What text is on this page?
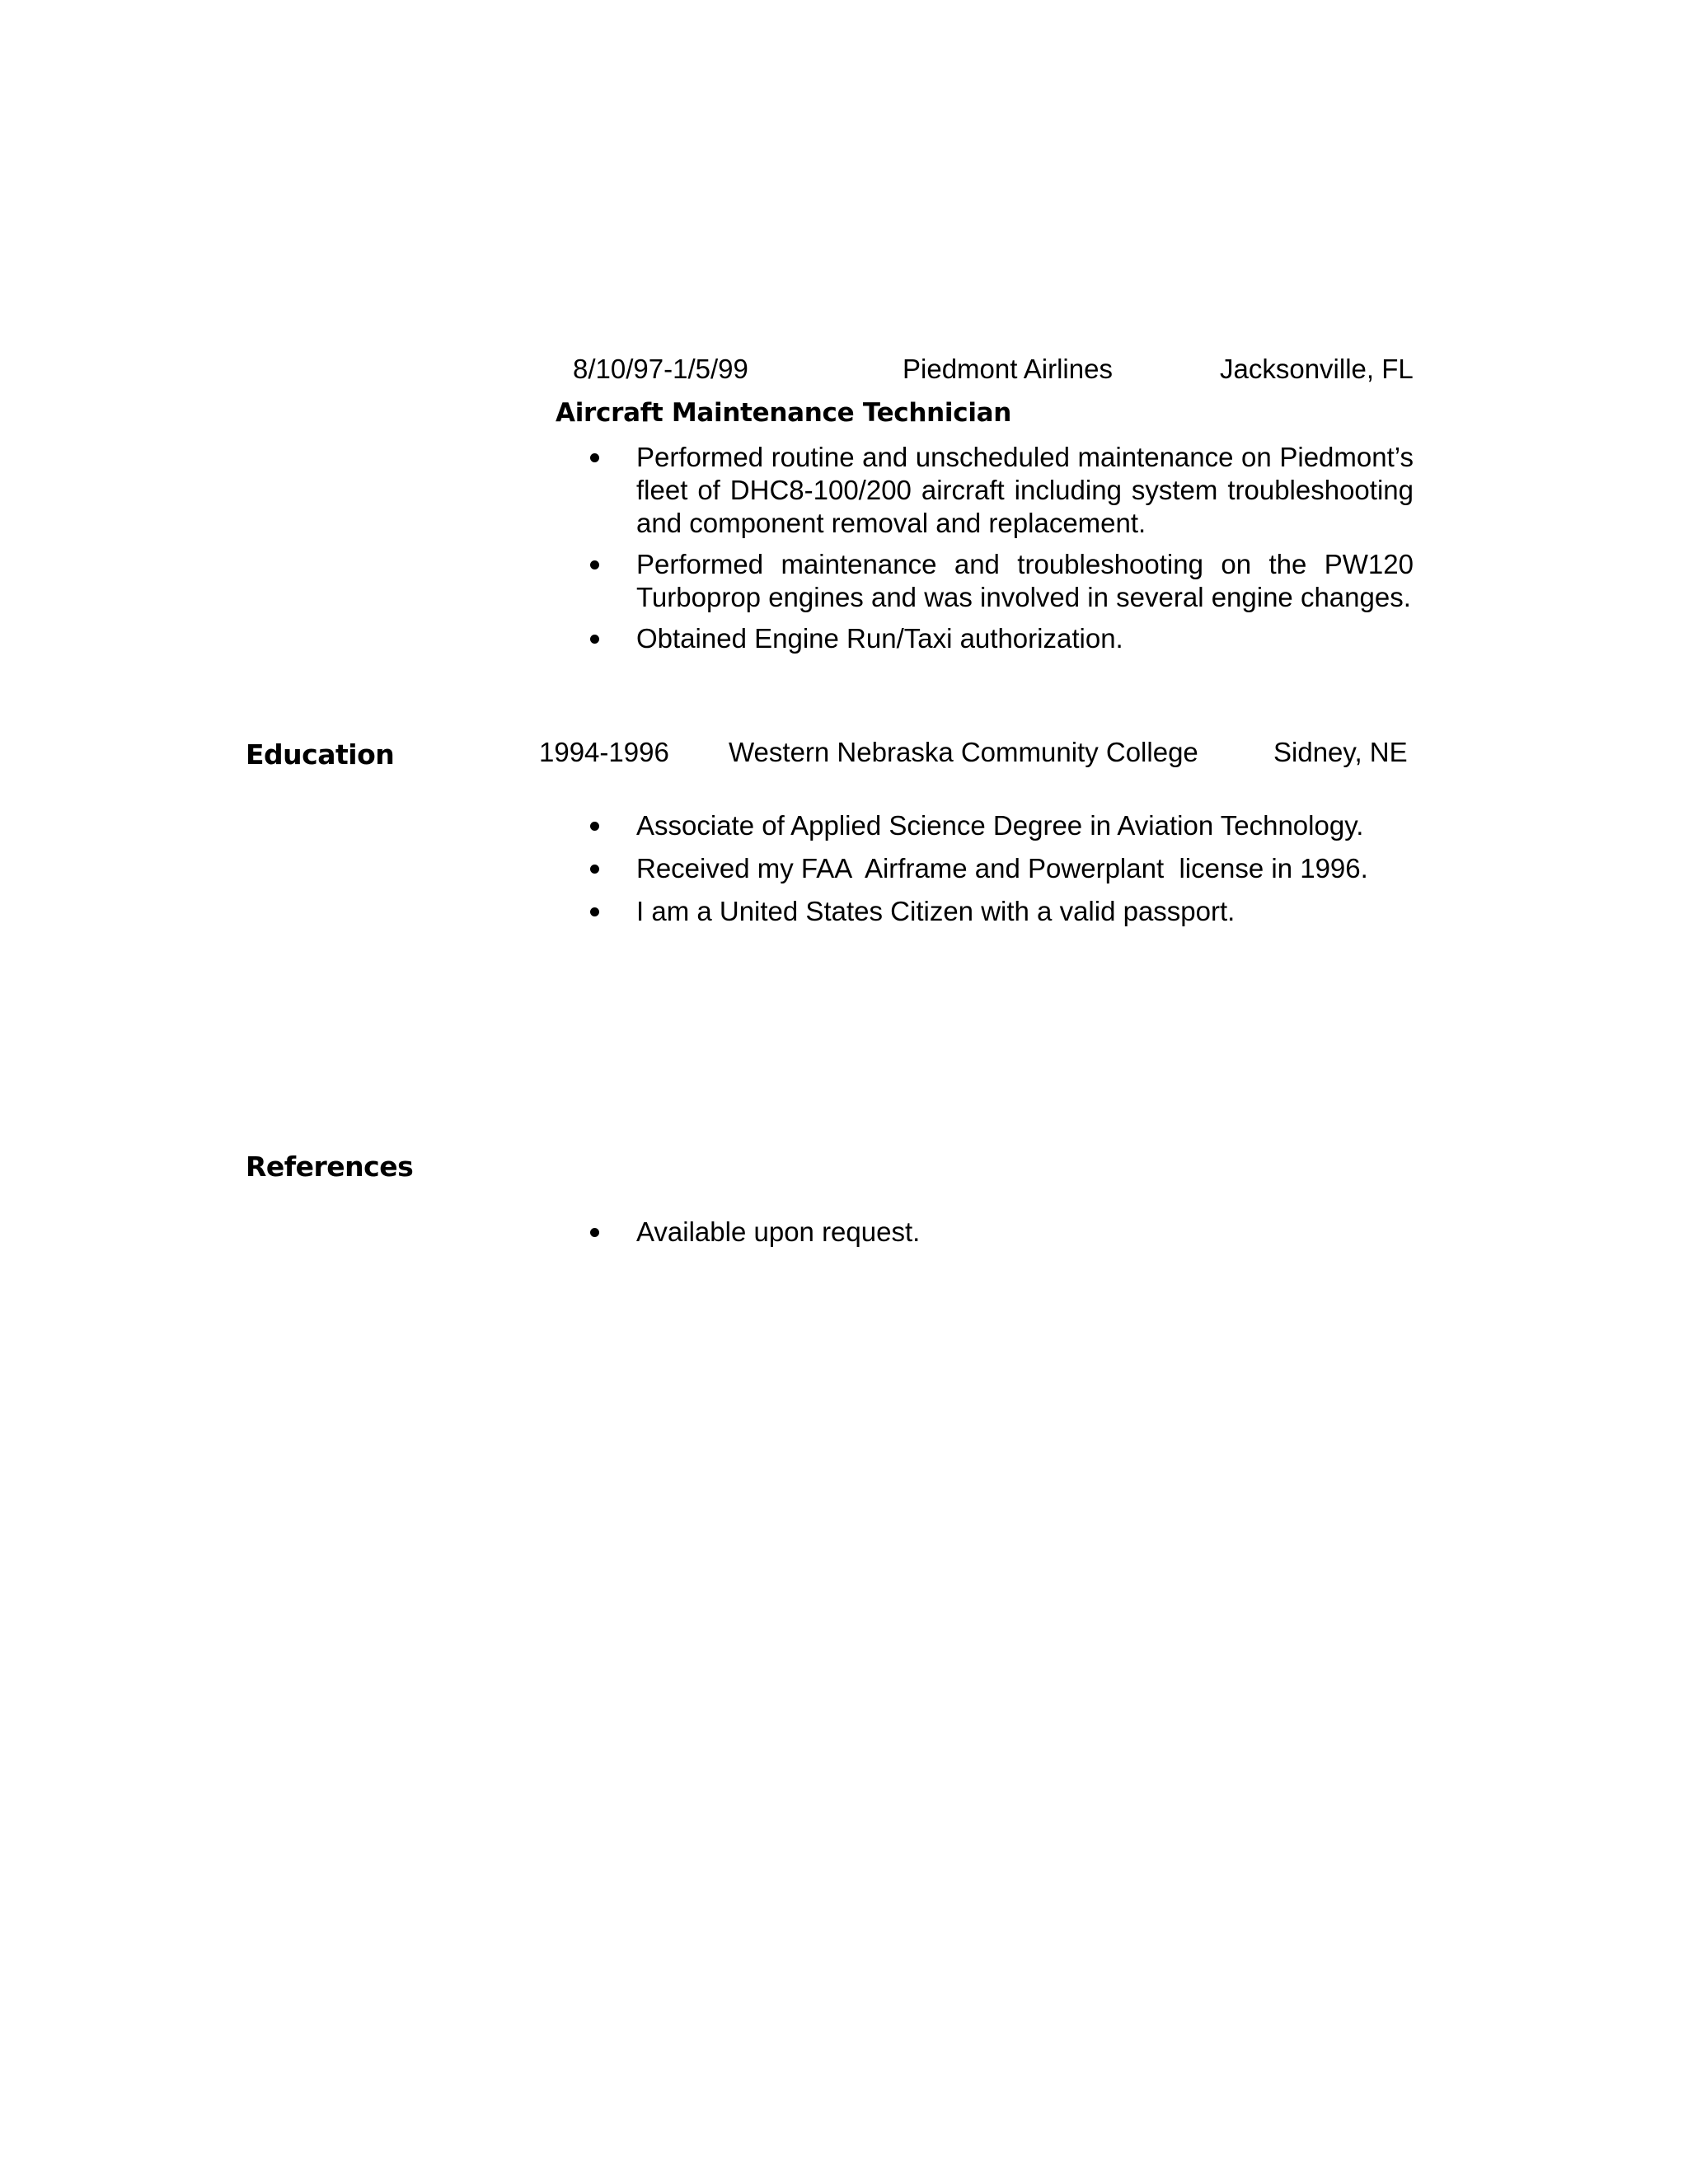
8/10/97-1/5/99	Piedmont Airlines	Jacksonville, FL
Aircraft Maintenance Technician
Performed routine and unscheduled maintenance on Piedmont’s fleet of DHC8-100/200 aircraft including system troubleshooting and component removal and replacement.
Performed maintenance and troubleshooting on the PW120 Turboprop engines and was involved in several engine changes.
Obtained Engine Run/Taxi authorization.
Education	1994-1996 Western Nebraska Community College	Sidney, NE
Associate of Applied Science Degree in Aviation Technology.
Received my FAA  Airframe and Powerplant  license in 1996.
I am a United States Citizen with a valid passport.
References
Available upon request.
